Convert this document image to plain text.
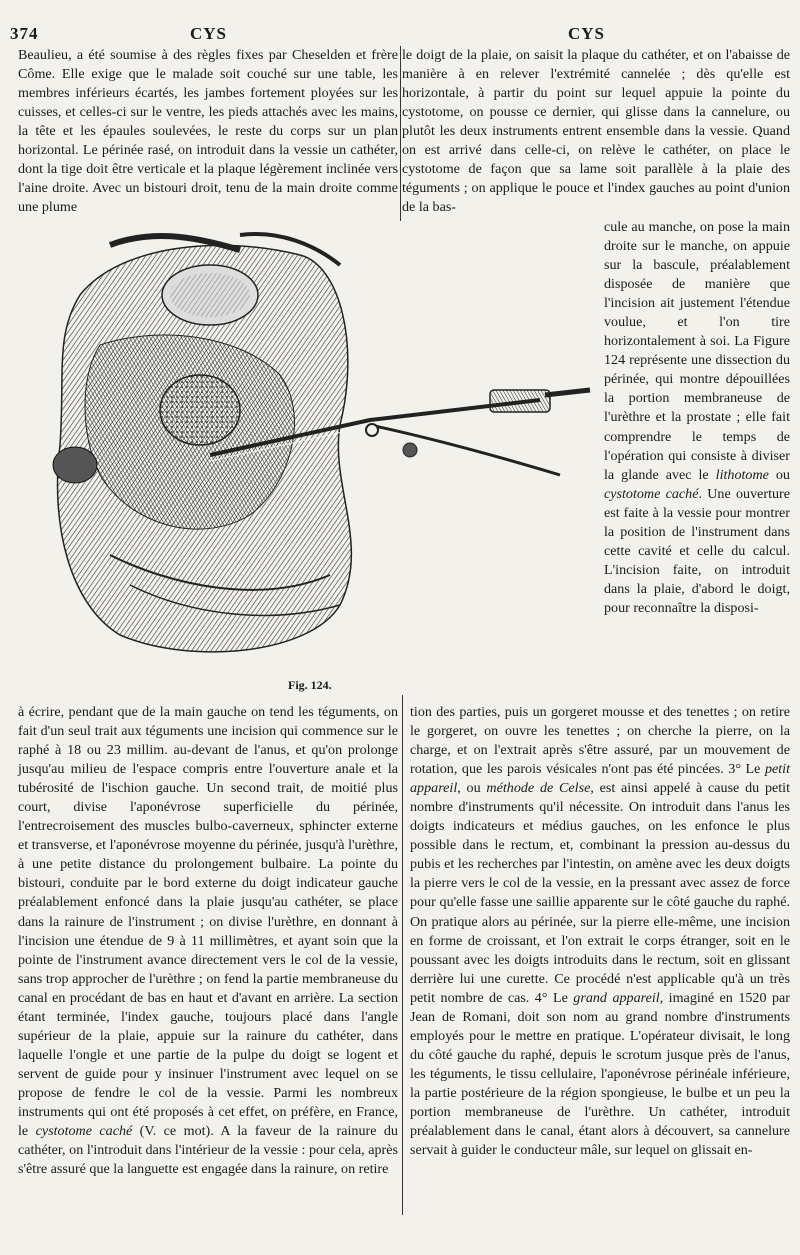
374	CYS	CYS

Beaulieu, a été soumise à des règles fixes par Cheselden et frère Côme. Elle exige que le malade soit couché sur une table, les membres inférieurs écartés, les jambes fortement ployées sur les cuisses, et celles-ci sur le ventre, les pieds attachés avec les mains, la tête et les épaules soulevées, le reste du corps sur un plan horizontal. Le périnée rasé, on introduit dans la vessie un cathéter, dont la tige doit être verticale et la plaque légèrement inclinée vers l'aine droite. Avec un bistouri droit, tenu de la main droite comme une plume

le doigt de la plaie, on saisit la plaque du cathéter, et on l'abaisse de manière à en relever l'extrémité cannelée ; dès qu'elle est horizontale, à partir du point sur lequel appuie la pointe du cystotome, on pousse ce dernier, qui glisse dans la cannelure, ou plutôt les deux instruments entrent ensemble dans la vessie. Quand on est arrivé dans celle-ci, on relève le cathéter, on place le cystotome de façon que sa lame soit parallèle à la plaie des téguments ; on applique le pouce et l'index gauches au point d'union de la bas-

Fig. 124.

cule au manche, on pose la main droite sur le manche, on appuie sur la bascule, préalablement disposée de manière que l'incision ait justement l'étendue voulue, et l'on tire horizontalement à soi. La Figure 124 représente une dissection du périnée, qui montre dépouillées la portion membraneuse de l'urèthre et la prostate ; elle fait comprendre le temps de l'opération qui consiste à diviser la glande avec le lithotome ou cystotome caché. Une ouverture est faite à la vessie pour montrer la position de l'instrument dans cette cavité et celle du calcul. L'incision faite, on introduit dans la plaie, d'abord le doigt, pour reconnaître la disposi-

à écrire, pendant que de la main gauche on tend les téguments, on fait d'un seul trait aux téguments une incision qui commence sur le raphé à 18 ou 23 millim. au-devant de l'anus, et qu'on prolonge jusqu'au milieu de l'espace compris entre l'ouverture anale et la tubérosité de l'ischion gauche. Un second trait, de moitié plus court, divise l'aponévrose superficielle du périnée, l'entrecroisement des muscles bulbo-caverneux, sphincter externe et transverse, et l'aponévrose moyenne du périnée, jusqu'à l'urèthre, à une petite distance du prolongement bulbaire. La pointe du bistouri, conduite par le bord externe du doigt indicateur gauche préalablement enfoncé dans la plaie jusqu'au cathéter, se place dans la rainure de l'instrument ; on divise l'urèthre, en donnant à l'incision une étendue de 9 à 11 millimètres, et ayant soin que la pointe de l'instrument avance directement vers le col de la vessie, sans trop approcher de l'urèthre ; on fend la partie membraneuse du canal en procédant de bas en haut et d'avant en arrière. La section étant terminée, l'index gauche, toujours placé dans l'angle supérieur de la plaie, appuie sur la rainure du cathéter, dans laquelle l'ongle et une partie de la pulpe du doigt se logent et servent de guide pour y insinuer l'instrument avec lequel on se propose de fendre le col de la vessie. Parmi les nombreux instruments qui ont été proposés à cet effet, on préfère, en France, le cystotome caché (V. ce mot). A la faveur de la rainure du cathéter, on l'introduit dans l'intérieur de la vessie : pour cela, après s'être assuré que la languette est engagée dans la rainure, on retire

tion des parties, puis un gorgeret mousse et des tenettes ; on retire le gorgeret, on ouvre les tenettes ; on cherche la pierre, on la charge, et on l'extrait après s'être assuré, par un mouvement de rotation, que les parois vésicales n'ont pas été pincées. 3° Le petit appareil, ou méthode de Celse, est ainsi appelé à cause du petit nombre d'instruments qu'il nécessite. On introduit dans l'anus les doigts indicateurs et médius gauches, on les enfonce le plus possible dans le rectum, et, combinant la pression au-dessus du pubis et les recherches par l'intestin, on amène avec les deux doigts la pierre vers le col de la vessie, en la pressant avec assez de force pour qu'elle fasse une saillie apparente sur le côté gauche du raphé. On pratique alors au périnée, sur la pierre elle-même, une incision en forme de croissant, et l'on extrait le corps étranger, soit en le poussant avec les doigts introduits dans le rectum, soit en glissant derrière lui une curette. Ce procédé n'est applicable qu'à un très petit nombre de cas. 4° Le grand appareil, imaginé en 1520 par Jean de Romani, doit son nom au grand nombre d'instruments employés pour le mettre en pratique. L'opérateur divisait, le long du côté gauche du raphé, depuis le scrotum jusque près de l'anus, les téguments, le tissu cellulaire, l'aponévrose périnéale inférieure, la partie postérieure de la région spongieuse, le bulbe et un peu la portion membraneuse de l'urèthre. Un cathéter, introduit préalablement dans le canal, étant alors à découvert, sa cannelure servait à guider le conducteur mâle, sur lequel on glissait en-
